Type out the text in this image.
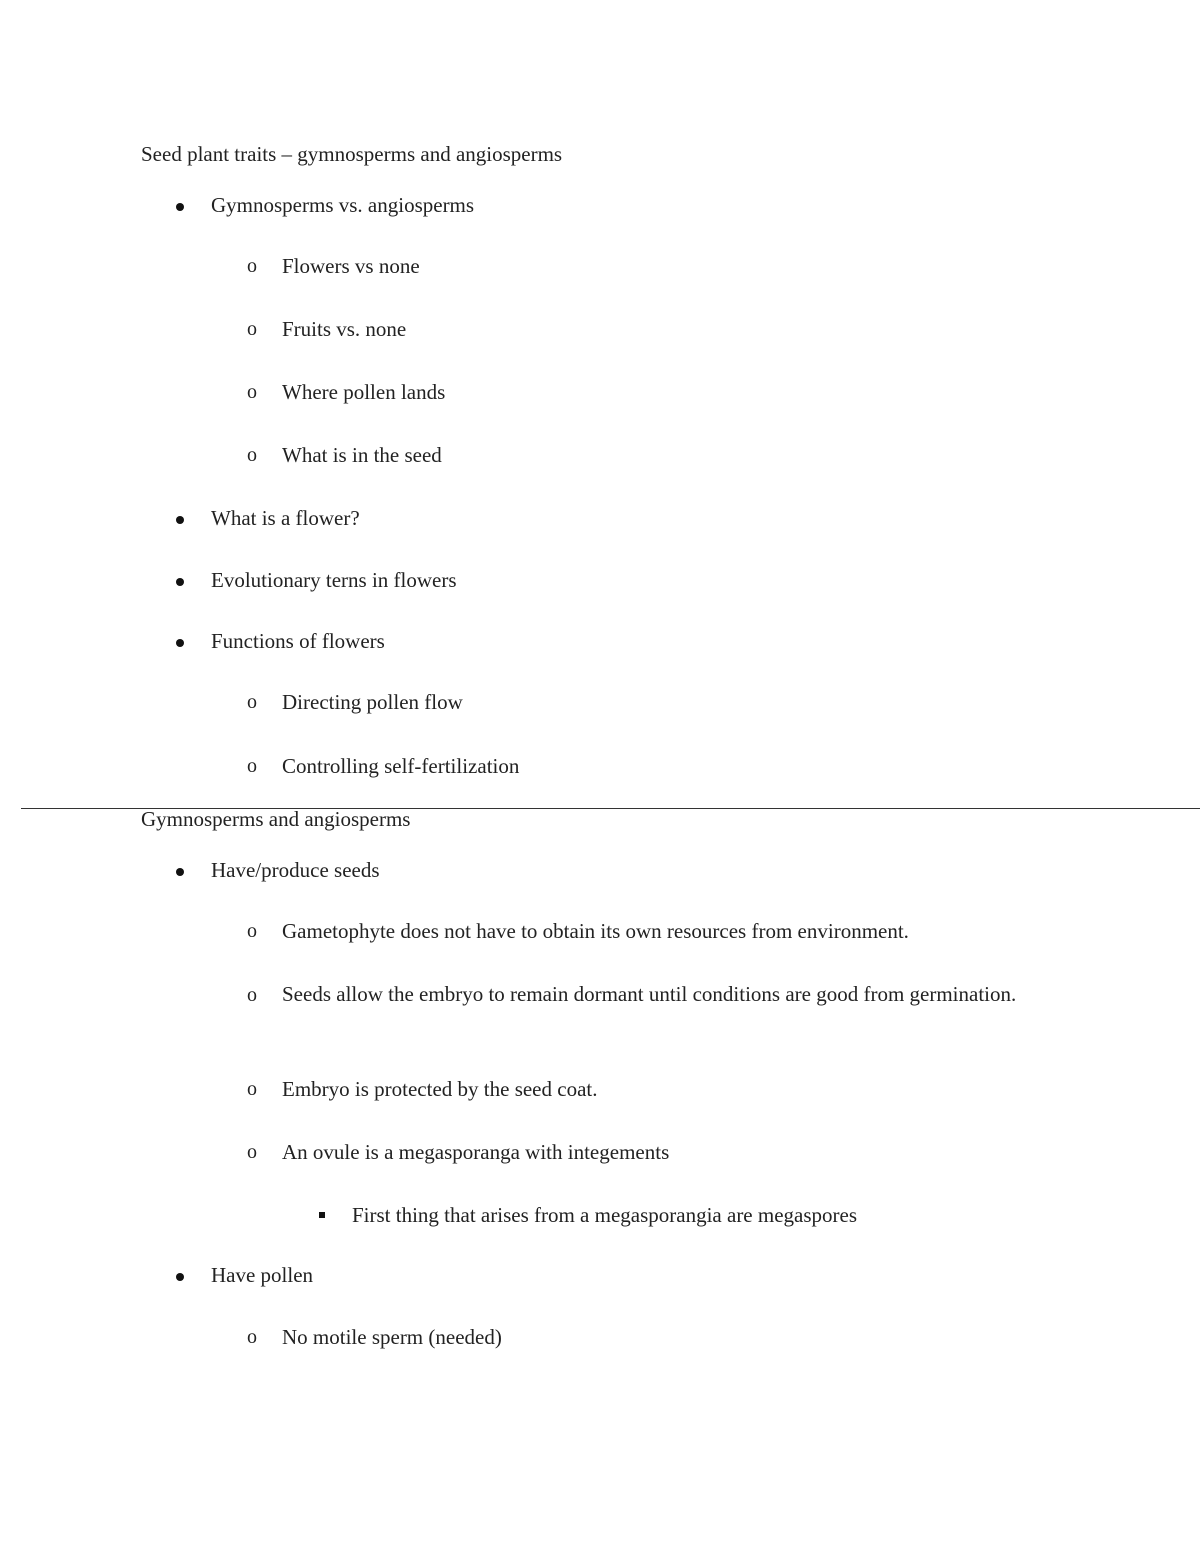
Seed plant traits – gymnosperms and angiosperms
Gymnosperms vs. angiosperms
o Flowers vs none
o Fruits vs. none
o Where pollen lands
o What is in the seed
What is a flower?
Evolutionary terns in flowers
Functions of flowers
o Directing pollen flow
o Controlling self-fertilization
Gymnosperms and angiosperms
Have/produce seeds
o Gametophyte does not have to obtain its own resources from environment.
o Seeds allow the embryo to remain dormant until conditions are good from germination.
o Embryo is protected by the seed coat.
o An ovule is a megasporanga with integements
First thing that arises from a megasporangia are megaspores
Have pollen
o No motile sperm (needed)
